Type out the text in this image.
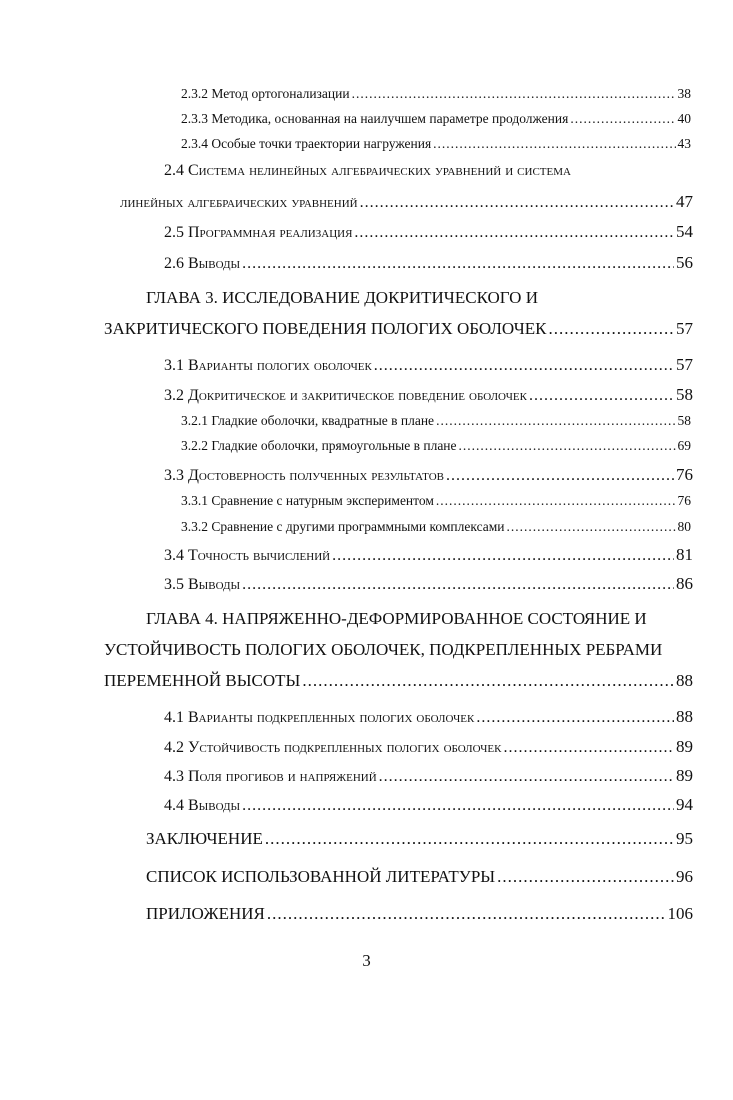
2.3.2 Метод ортогонализации .....	38
2.3.3 Методика, основанная на наилучшем параметре продолжения .....	40
2.3.4 Особые точки траектории нагружения .....	43
2.4 Система нелинейных алгебраических уравнений и система
линейных алгебраических уравнений .....	47
2.5 Программная реализация .....	54
2.6 Выводы .....	56
ГЛАВА 3. ИССЛЕДОВАНИЕ ДОКРИТИЧЕСКОГО И
ЗАКРИТИЧЕСКОГО ПОВЕДЕНИЯ ПОЛОГИХ ОБОЛОЧЕК .....	57
3.1 Варианты пологих оболочек .....	57
3.2 Докритическое и закритическое поведение оболочек .....	58
3.2.1 Гладкие оболочки, квадратные в плане .....	58
3.2.2 Гладкие оболочки, прямоугольные в плане .....	69
3.3 Достоверность полученных результатов .....	76
3.3.1 Сравнение с натурным экспериментом .....	76
3.3.2 Сравнение с другими программными комплексами .....	80
3.4 Точность вычислений .....	81
3.5 Выводы .....	86
ГЛАВА 4. НАПРЯЖЕННО-ДЕФОРМИРОВАННОЕ СОСТОЯНИЕ И
УСТОЙЧИВОСТЬ ПОЛОГИХ ОБОЛОЧЕК, ПОДКРЕПЛЕННЫХ РЕБРАМИ
ПЕРЕМЕННОЙ ВЫСОТЫ .....	88
4.1 Варианты подкрепленных пологих оболочек .....	88
4.2 Устойчивость подкрепленных пологих оболочек .....	89
4.3 Поля прогибов и напряжений .....	89
4.4 Выводы .....	94
ЗАКЛЮЧЕНИЕ .....	95
СПИСОК ИСПОЛЬЗОВАННОЙ ЛИТЕРАТУРЫ .....	96
ПРИЛОЖЕНИЯ .....	106
3
